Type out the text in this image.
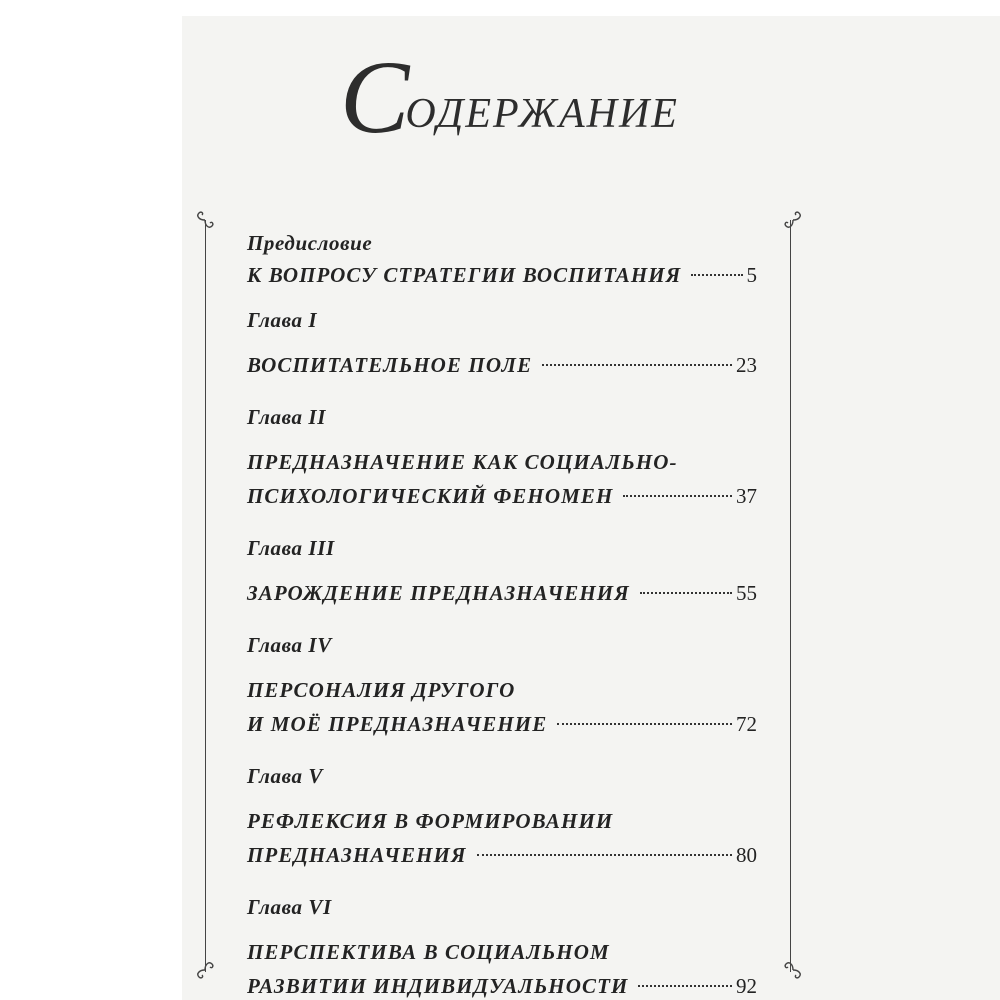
С
ОДЕРЖАНИЕ
Предисловие
К ВОПРОСУ СТРАТЕГИИ ВОСПИТАНИЯ	5
Глава I
ВОСПИТАТЕЛЬНОЕ ПОЛЕ	23
Глава II
ПРЕДНАЗНАЧЕНИЕ КАК СОЦИАЛЬНО-
ПСИХОЛОГИЧЕСКИЙ ФЕНОМЕН	37
Глава III
ЗАРОЖДЕНИЕ ПРЕДНАЗНАЧЕНИЯ	55
Глава IV
ПЕРСОНАЛИЯ ДРУГОГО
И МОЁ ПРЕДНАЗНАЧЕНИЕ	72
Глава V
РЕФЛЕКСИЯ В ФОРМИРОВАНИИ
ПРЕДНАЗНАЧЕНИЯ	80
Глава VI
ПЕРСПЕКТИВА В СОЦИАЛЬНОМ
РАЗВИТИИ ИНДИВИДУАЛЬНОСТИ	92
